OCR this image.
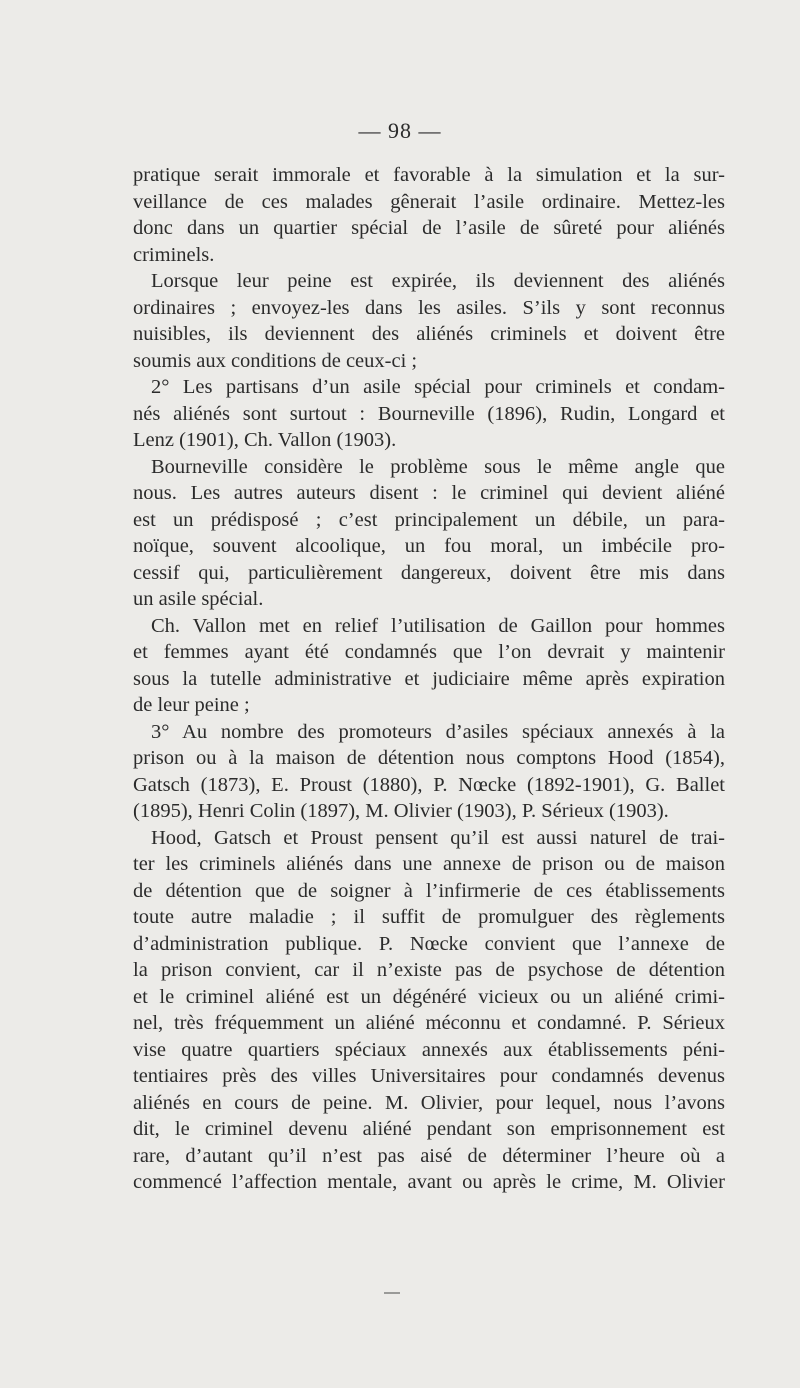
— 98 —
pratique serait immorale et favorable à la simulation et la sur-
veillance de ces malades gênerait l’asile ordinaire. Mettez-les
donc dans un quartier spécial de l’asile de sûreté pour aliénés
criminels.
Lorsque leur peine est expirée, ils deviennent des aliénés
ordinaires ; envoyez-les dans les asiles. S’ils y sont reconnus
nuisibles, ils deviennent des aliénés criminels et doivent être
soumis aux conditions de ceux-ci ;
2° Les partisans d’un asile spécial pour criminels et condam-
nés aliénés sont surtout : Bourneville (1896), Rudin, Longard et
Lenz (1901), Ch. Vallon (1903).
Bourneville considère le problème sous le même angle que
nous. Les autres auteurs disent : le criminel qui devient aliéné
est un prédisposé ; c’est principalement un débile, un para-
noïque, souvent alcoolique, un fou moral, un imbécile pro-
cessif qui, particulièrement dangereux, doivent être mis dans
un asile spécial.
Ch. Vallon met en relief l’utilisation de Gaillon pour hommes
et femmes ayant été condamnés que l’on devrait y maintenir
sous la tutelle administrative et judiciaire même après expiration
de leur peine ;
3° Au nombre des promoteurs d’asiles spéciaux annexés à la
prison ou à la maison de détention nous comptons Hood (1854),
Gatsch (1873), E. Proust (1880), P. Nœcke (1892-1901), G. Ballet
(1895), Henri Colin (1897), M. Olivier (1903), P. Sérieux (1903).
Hood, Gatsch et Proust pensent qu’il est aussi naturel de trai-
ter les criminels aliénés dans une annexe de prison ou de maison
de détention que de soigner à l’infirmerie de ces établissements
toute autre maladie ; il suffit de promulguer des règlements
d’administration publique. P. Nœcke convient que l’annexe de
la prison convient, car il n’existe pas de psychose de détention
et le criminel aliéné est un dégénéré vicieux ou un aliéné crimi-
nel, très fréquemment un aliéné méconnu et condamné. P. Sérieux
vise quatre quartiers spéciaux annexés aux établissements péni-
tentiaires près des villes Universitaires pour condamnés devenus
aliénés en cours de peine. M. Olivier, pour lequel, nous l’avons
dit, le criminel devenu aliéné pendant son emprisonnement est
rare, d’autant qu’il n’est pas aisé de déterminer l’heure où a
commencé l’affection mentale, avant ou après le crime, M. Olivier
